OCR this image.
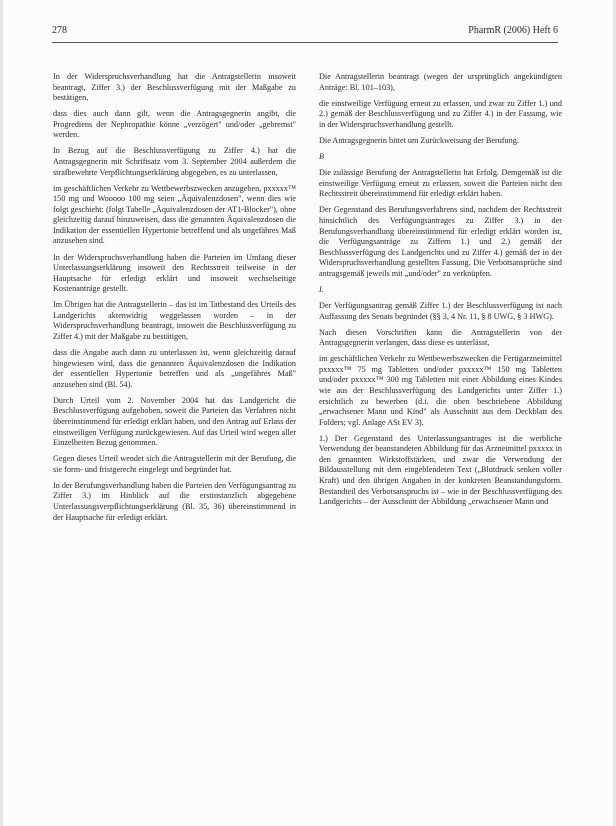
278	PharmR (2006) Heft 6

In der Widerspruchsverhandlung hat die Antragstellerin insoweit beantragt, Ziffer 3.) der Beschlussverfügung mit der Maßgabe zu bestätigen,

dass dies auch dann gilt, wenn die Antragsgegnerin angibt, die Progrediens der Nephropathie könne „verzögert" und/oder „gebremst" werden.

In Bezug auf die Beschlussverfügung zu Ziffer 4.) hat die Antragsgegnerin mit Schriftsatz vom 3. September 2004 außerdem die strafbewehrte Verpflichtungserklärung abgegeben, es zu unterlassen,

im geschäftlichen Verkehr zu Wettbewerbszwecken anzugeben, pxxxxx™ 150 mg und Wooooo 100 mg seien „Äquivalenzdosen", wenn dies wie folgt geschieht: (folgt Tabelle „Äquivalenzdosen der AT1-Blocker"), ohne gleichzeitig darauf hinzuweisen, dass die genannten Äquivalenzdosen die Indikation der essentiellen Hypertonie betreffend und als ungefähres Maß anzusehen sind.

In der Widerspruchsverhandlung haben die Parteien im Umfang dieser Unterlassungserklärung insoweit den Rechtsstreit teilweise in der Hauptsache für erledigt erklärt und insoweit wechselseitige Kostenanträge gestellt.

Im Übrigen hat die Antragstellerin – das ist im Tatbestand des Urteils des Landgerichts aktenwidrig weggelassen worden – in der Widerspruchsverhandlung beantragt, insoweit die Beschlussverfügung zu Ziffer 4.) mit der Maßgabe zu bestätigen,

dass die Angabe auch dann zu unterlassen ist, wenn gleichzeitig darauf hingewiesen wird, dass die genannten Äquivalenzdosen die Indikation der essentiellen Hypertonie betreffen und als „ungefähres Maß" anzusehen sind (Bl. 54).

Durch Urteil vom 2. November 2004 hat das Landgericht die Beschlussverfügung aufgehoben, soweit die Parteien das Verfahren nicht übereinstimmend für erledigt erklärt haben, und den Antrag auf Erlass der einstweiligen Verfügung zurückgewiesen. Auf das Urteil wird wegen aller Einzelheiten Bezug genommen.

Gegen dieses Urteil wendet sich die Antragstellerin mit der Berufung, die sie form- und fristgerecht eingelegt und begründet hat.

In der Berufungsverhandlung haben die Parteien den Verfügungsantrag zu Ziffer 3.) im Hinblick auf die erstinstanzlich abgegebene Unterlassungsverpflichtungserklärung (Bl. 35, 36) übereinstimmend in der Hauptsache für erledigt erklärt.

Die Antragstellerin beantragt (wegen der ursprünglich angekündigten Anträge: Bl. 101–103),

die einstweilige Verfügung erneut zu erlassen, und zwar zu Ziffer 1.) und 2.) gemäß der Beschlussverfügung und zu Ziffer 4.) in der Fassung, wie in der Widerspruchsverhandlung gestellt.

Die Antragsgegnerin bittet um Zurückweisung der Berufung.

B

Die zulässige Berufung der Antragstellerin hat Erfolg. Demgemäß ist die einstweilige Verfügung erneut zu erlassen, soweit die Parteien nicht den Rechtsstreit übereinstimmend für erledigt erklärt haben.

Der Gegenstand des Berufungsverfahrens sind, nachdem der Rechtsstreit hinsichtlich des Verfügungsantrages zu Ziffer 3.) in der Berufungsverhandlung übereinstimmend für erledigt erklärt worden ist, die Verfügungsanträge zu Ziffern 1.) und 2.) gemäß der Beschlussverfügung des Landgerichts und zu Ziffer 4.) gemäß der in der Widerspruchsverhandlung gestellten Fassung. Die Verbotsansprüche sind antragsgemäß jeweils mit „und/oder" zu verknüpfen.

I.

Der Verfügungsantrag gemäß Ziffer 1.) der Beschlussverfügung ist nach Auffassung des Senats begründet (§§ 3, 4 Nr. 11, § 8 UWG, § 3 HWG).

Nach diesen Vorschriften kann die Antragstellerin von der Antragsgegnerin verlangen, dass diese es unterlässt,

im geschäftlichen Verkehr zu Wettbewerbszwecken die Fertigarzneimittel pxxxxx™ 75 mg Tabletten und/oder pxxxxx™ 150 mg Tabletten und/oder pxxxxx™ 300 mg Tabletten mit einer Abbildung eines Kindes wie aus der Beschlussverfügung des Landgerichts unter Ziffer 1.) ersichtlich zu bewerben (d.i. die oben beschriebene Abbildung „erwachsener Mann und Kind" als Ausschnitt aus dem Deckblatt des Folders; vgl. Anlage ASt EV 3).

1.) Der Gegenstand des Unterlassungsantrages ist die werbliche Verwendung der beanstandeten Abbildung für das Arzneimittel pxxxxx in den genannten Wirkstoffstärken, und zwar die Verwendung der Bildausstellung mit dem eingeblendeten Text („Blutdruck senken voller Kraft) und den übrigen Angaben in der konkreten Beanstandungsform. Bestandteil des Verbotsanspruchs ist – wie in der Beschlussverfügung des Landgerichts – der Ausschnitt der Abbildung „erwachsener Mann und
